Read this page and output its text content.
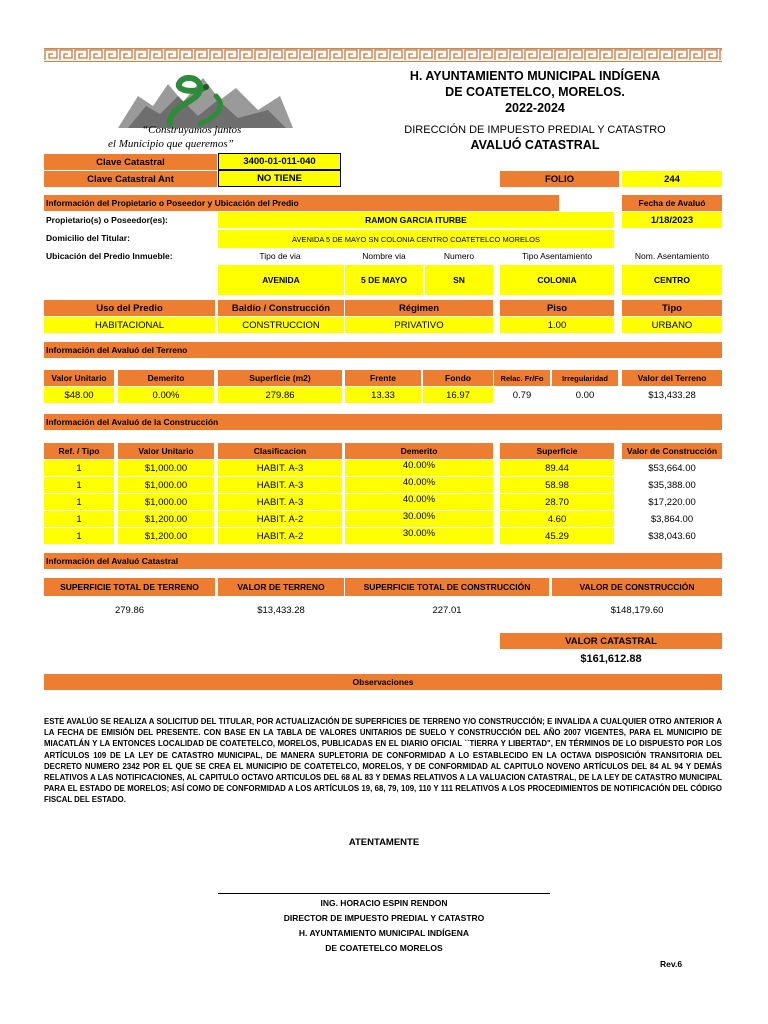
“Construyamos juntos
el Municipio que queremos”
H. AYUNTAMIENTO MUNICIPAL INDÍGENA
DE COATETELCO, MORELOS.
2022-2024
DIRECCIÓN DE IMPUESTO PREDIAL Y CATASTRO
AVALUÓ CATASTRAL
Clave Catastral	3400-01-011-040
Clave Catastral Ant	NO TIENE	FOLIO	244
Información del Propietario o Poseedor y Ubicación del Predio	Fecha de Avaluó
Propietario(s) o Poseedor(es):	RAMON GARCIA ITURBE	1/18/2023
Domicilio del Titular:	AVENIDA 5 DE MAYO SN COLONIA CENTRO COATETELCO MORELOS
Ubicación del Predio Inmueble:	Tipo de via	Nombre via	Numero	Tipo Asentamiento	Nom. Asentamiento
AVENIDA	5 DE MAYO	SN	COLONIA	CENTRO
Uso del Predio	Baldío / Construcción	Régimen	Piso	Tipo
HABITACIONAL	CONSTRUCCION	PRIVATIVO	1.00	URBANO
Información del Avaluó del Terreno
Valor Unitario	Demerito	Superficie (m2)	Frente	Fondo	Relac. Fr/Fo	Irregularidad	Valor del Terreno
$48.00	0.00%	279.86	13.33	16.97	0.79	0.00	$13,433.28
Información del Avaluó de la Construcción
Ref. / Tipo	Valor Unitario	Clasificacion	Demerito	Superficie	Valor de Construcción
1	$1,000.00	HABIT. A-3	40.00%	89.44	$53,664.00
1	$1,000.00	HABIT. A-3	40.00%	58.98	$35,388.00
1	$1,000.00	HABIT. A-3	40.00%	28.70	$17,220.00
1	$1,200.00	HABIT. A-2	30.00%	4.60	$3,864.00
1	$1,200.00	HABIT. A-2	30.00%	45.29	$38,043.60
Información del Avaluó Catastral
SUPERFICIE TOTAL DE TERRENO	VALOR DE TERRENO	SUPERFICIE TOTAL DE CONSTRUCCIÓN	VALOR DE CONSTRUCCIÓN
279.86	$13,433.28	227.01	$148,179.60
VALOR CATASTRAL
$161,612.88
Observaciones
ESTE AVALÚO SE REALIZA A SOLICITUD DEL TITULAR, POR ACTUALIZACIÓN DE SUPERFICIES DE TERRENO Y/O CONSTRUCCIÓN; E INVALIDA A CUALQUIER OTRO ANTERIOR A LA FECHA DE EMISIÓN DEL PRESENTE. CON BASE EN LA TABLA DE VALORES UNITARIOS DE SUELO Y CONSTRUCCIÓN DEL AÑO 2007 VIGENTES, PARA EL MUNICIPIO DE MIACATLÁN Y LA ENTONCES LOCALIDAD DE COATETELCO, MORELOS, PUBLICADAS EN EL DIARIO OFICIAL ``TIERRA Y LIBERTAD", EN TÉRMINOS DE LO DISPUESTO POR LOS ARTÍCULOS 109 DE LA LEY DE CATASTRO MUNICIPAL, DE MANERA SUPLETORIA DE CONFORMIDAD A LO ESTABLECIDO EN LA OCTAVA DISPOSICIÓN TRANSITORIA DEL DECRETO NUMERO 2342 POR EL QUE SE CREA EL MUNICIPIO DE COATETELCO, MORELOS, Y DE CONFORMIDAD AL CAPITULO NOVENO ARTÍCULOS DEL 84 AL 94 Y DEMÁS RELATIVOS A LAS NOTIFICACIONES, AL CAPITULO OCTAVO ARTICULOS DEL 68 AL 83 Y DEMAS RELATIVOS A LA VALUACION CATASTRAL, DE LA LEY DE CATASTRO MUNICIPAL PARA EL ESTADO DE MORELOS; ASÍ COMO DE CONFORMIDAD A LOS ARTÍCULOS 19, 68, 79, 109, 110 Y 111 RELATIVOS A LOS PROCEDIMIENTOS DE NOTIFICACIÓN DEL CÓDIGO FISCAL DEL ESTADO.
ATENTAMENTE
ING. HORACIO ESPIN RENDON
DIRECTOR DE IMPUESTO PREDIAL Y CATASTRO
H. AYUNTAMIENTO MUNICIPAL INDÍGENA
DE COATETELCO MORELOS
Rev.6
